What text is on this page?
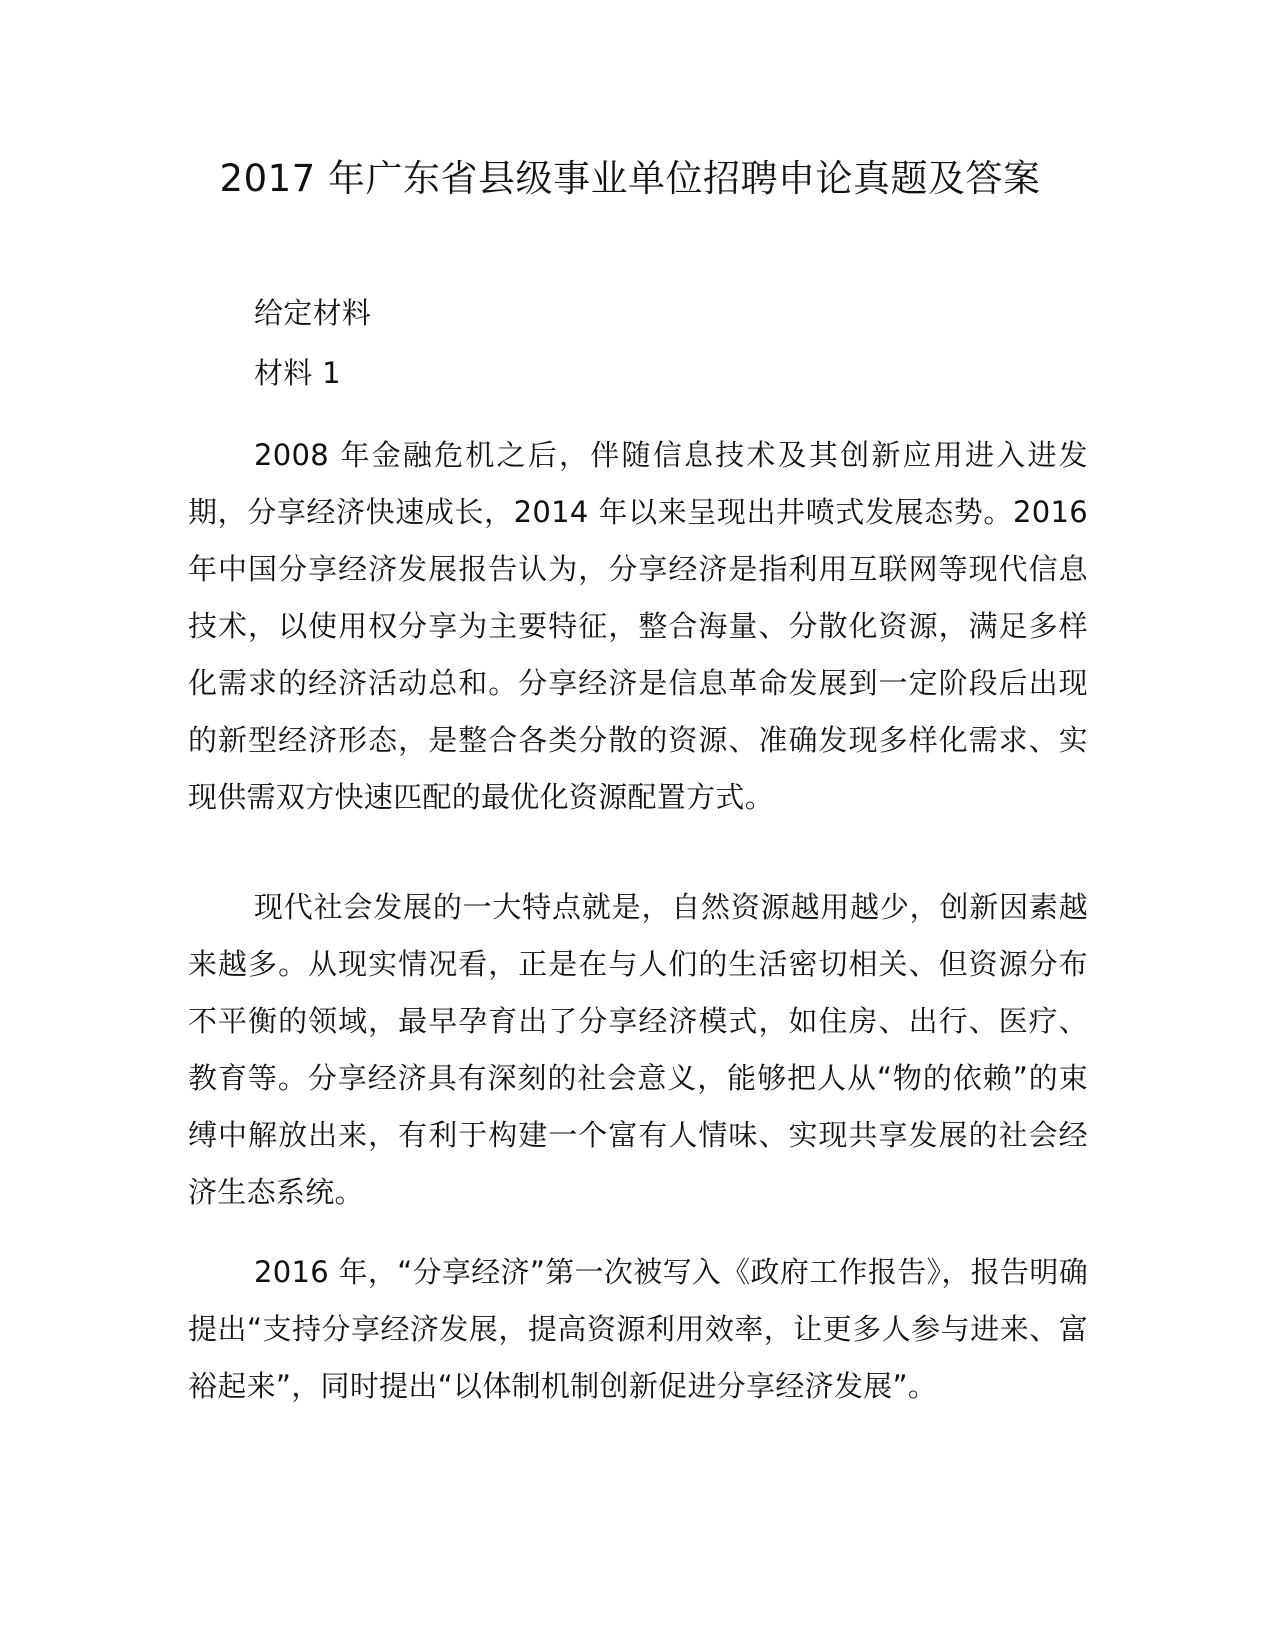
2017 年广东省县级事业单位招聘申论真题及答案

给定材料

材料 1

2008 年金融危机之后，伴随信息技术及其创新应用进入进发期，分享经济快速成长，2014 年以来呈现出井喷式发展态势。2016 年中国分享经济发展报告认为，分享经济是指利用互联网等现代信息技术，以使用权分享为主要特征，整合海量、分散化资源，满足多样化需求的经济活动总和。分享经济是信息革命发展到一定阶段后出现的新型经济形态，是整合各类分散的资源、准确发现多样化需求、实现供需双方快速匹配的最优化资源配置方式。

现代社会发展的一大特点就是，自然资源越用越少，创新因素越来越多。从现实情况看，正是在与人们的生活密切相关、但资源分布不平衡的领域，最早孕育出了分享经济模式，如住房、出行、医疗、教育等。分享经济具有深刻的社会意义，能够把人从“物的依赖”的束缚中解放出来，有利于构建一个富有人情味、实现共享发展的社会经济生态系统。

2016 年，“分享经济”第一次被写入《政府工作报告》，报告明确提出“支持分享经济发展，提高资源利用效率，让更多人参与进来、富裕起来”，同时提出“以体制机制创新促进分享经济发展”。
